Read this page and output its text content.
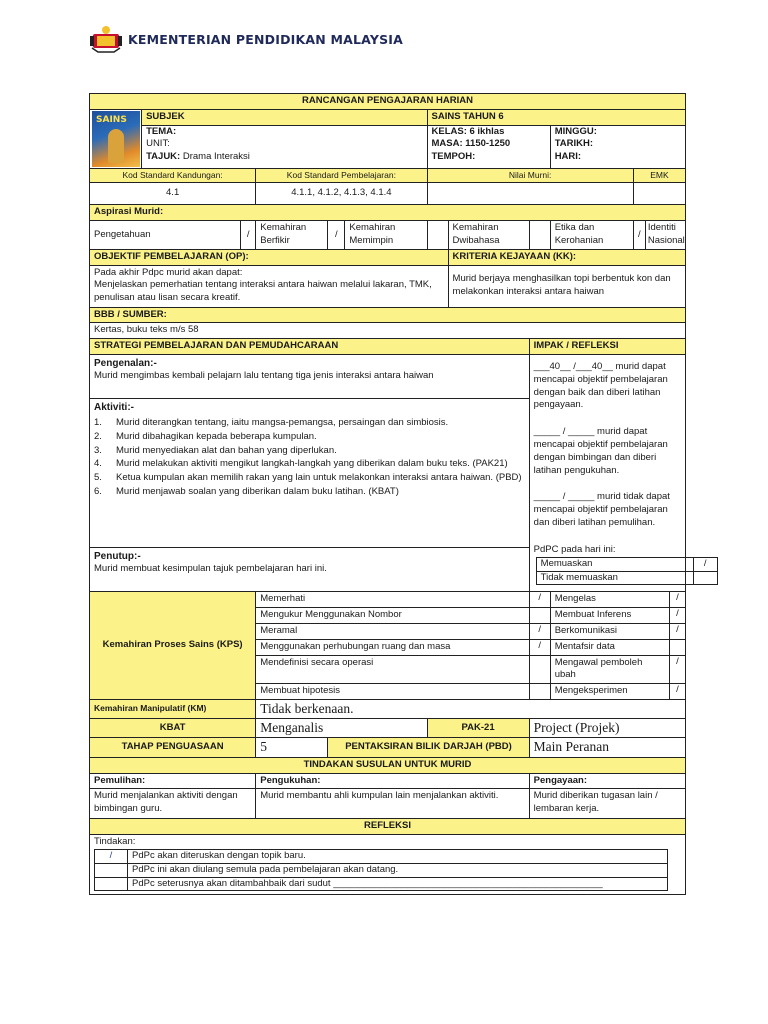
KEMENTERIAN PENDIDIKAN MALAYSIA
RANCANGAN PENGAJARAN HARIAN

SAINS	SUBJEK	SAINS TAHUN 6

TEMA:
UNIT:
TAJUK: Drama Interaksi

KELAS: 6 ikhlas
MASA: 1150-1250
TEMPOH:

MINGGU:
TARIKH:
HARI:

Kod Standard Kandungan:	Kod Standard Pembelajaran:	Nilai Murni:	EMK
4.1	4.1.1, 4.1.2, 4.1.3, 4.1.4		
Aspirasi Murid:
Pengetahuan	/	Kemahiran Berfikir	/	Kemahiran Memimpin		Kemahiran Dwibahasa		Etika dan Kerohanian	/	Identiti Nasional
OBJEKTIF PEMBELAJARAN (OP):	KRITERIA KEJAYAAN (KK):
Pada akhir Pdpc murid akan dapat:
Menjelaskan pemerhatian tentang interaksi antara haiwan melalui lakaran, TMK, penulisan atau lisan secara kreatif.	Murid berjaya menghasilkan topi berbentuk kon dan melakonkan interaksi antara haiwan
BBB / SUMBER:
Kertas, buku teks m/s 58
STRATEGI PEMBELAJARAN DAN PEMUDAHCARAAN	IMPAK / REFLEKSI

Pengenalan:-
Murid mengimbas kembali pelajarn lalu tentang tiga jenis interaksi antara haiwan

___40__ /___40__ murid dapat mencapai objektif pembelajaran dengan baik dan diberi latihan pengayaan.
_____ / _____ murid dapat mencapai objektif pembelajaran dengan bimbingan dan diberi latihan pengukuhan.
_____ / _____ murid tidak dapat mencapai objektif pembelajaran dan diberi latihan pemulihan.
PdPC pada hari ini:
Memuaskan	/
Tidak memuaskan	

Aktiviti:-
1.	Murid diterangkan tentang, iaitu mangsa-pemangsa, persaingan dan simbiosis.
2.	Murid dibahagikan kepada beberapa kumpulan.
3.	Murid menyediakan alat dan bahan yang diperlukan.
4.	Murid melakukan aktiviti mengikut langkah-langkah yang diberikan dalam buku teks. (PAK21)
5.	Ketua kumpulan akan memilih rakan yang lain untuk melakonkan interaksi antara haiwan. (PBD)
6.	Murid menjawab soalan yang diberikan dalam buku latihan. (KBAT)

Penutup:-
Murid membuat kesimpulan tajuk pembelajaran hari ini.

Kemahiran Proses Sains (KPS)	Memerhati	/	Mengelas	/
Mengukur Menggunakan Nombor		Membuat Inferens	/
Meramal	/	Berkomunikasi	/
Menggunakan perhubungan ruang dan masa	/	Mentafsir data	
Mendefinisi secara operasi		Mengawal pemboleh ubah	/
Membuat hipotesis		Mengeksperimen	/
Kemahiran Manipulatif (KM)	Tidak berkenaan.
KBAT	Menganalis	PAK-21	Project (Projek)
TAHAP PENGUASAAN	5	PENTAKSIRAN BILIK DARJAH (PBD)	Main Peranan
TINDAKAN SUSULAN UNTUK MURID
Pemulihan:	Pengukuhan:	Pengayaan:
Murid menjalankan aktiviti dengan bimbingan guru.	Murid membantu ahli kumpulan lain menjalankan aktiviti.	Murid diberikan tugasan lain / lembaran kerja.
REFLEKSI

Tindakan:
/	PdPc akan diteruskan dengan topik baru.
	PdPc ini akan diulang semula pada pembelajaran akan datang.
	PdPc seterusnya akan ditambahbaik dari sudut ___________________________________________________
